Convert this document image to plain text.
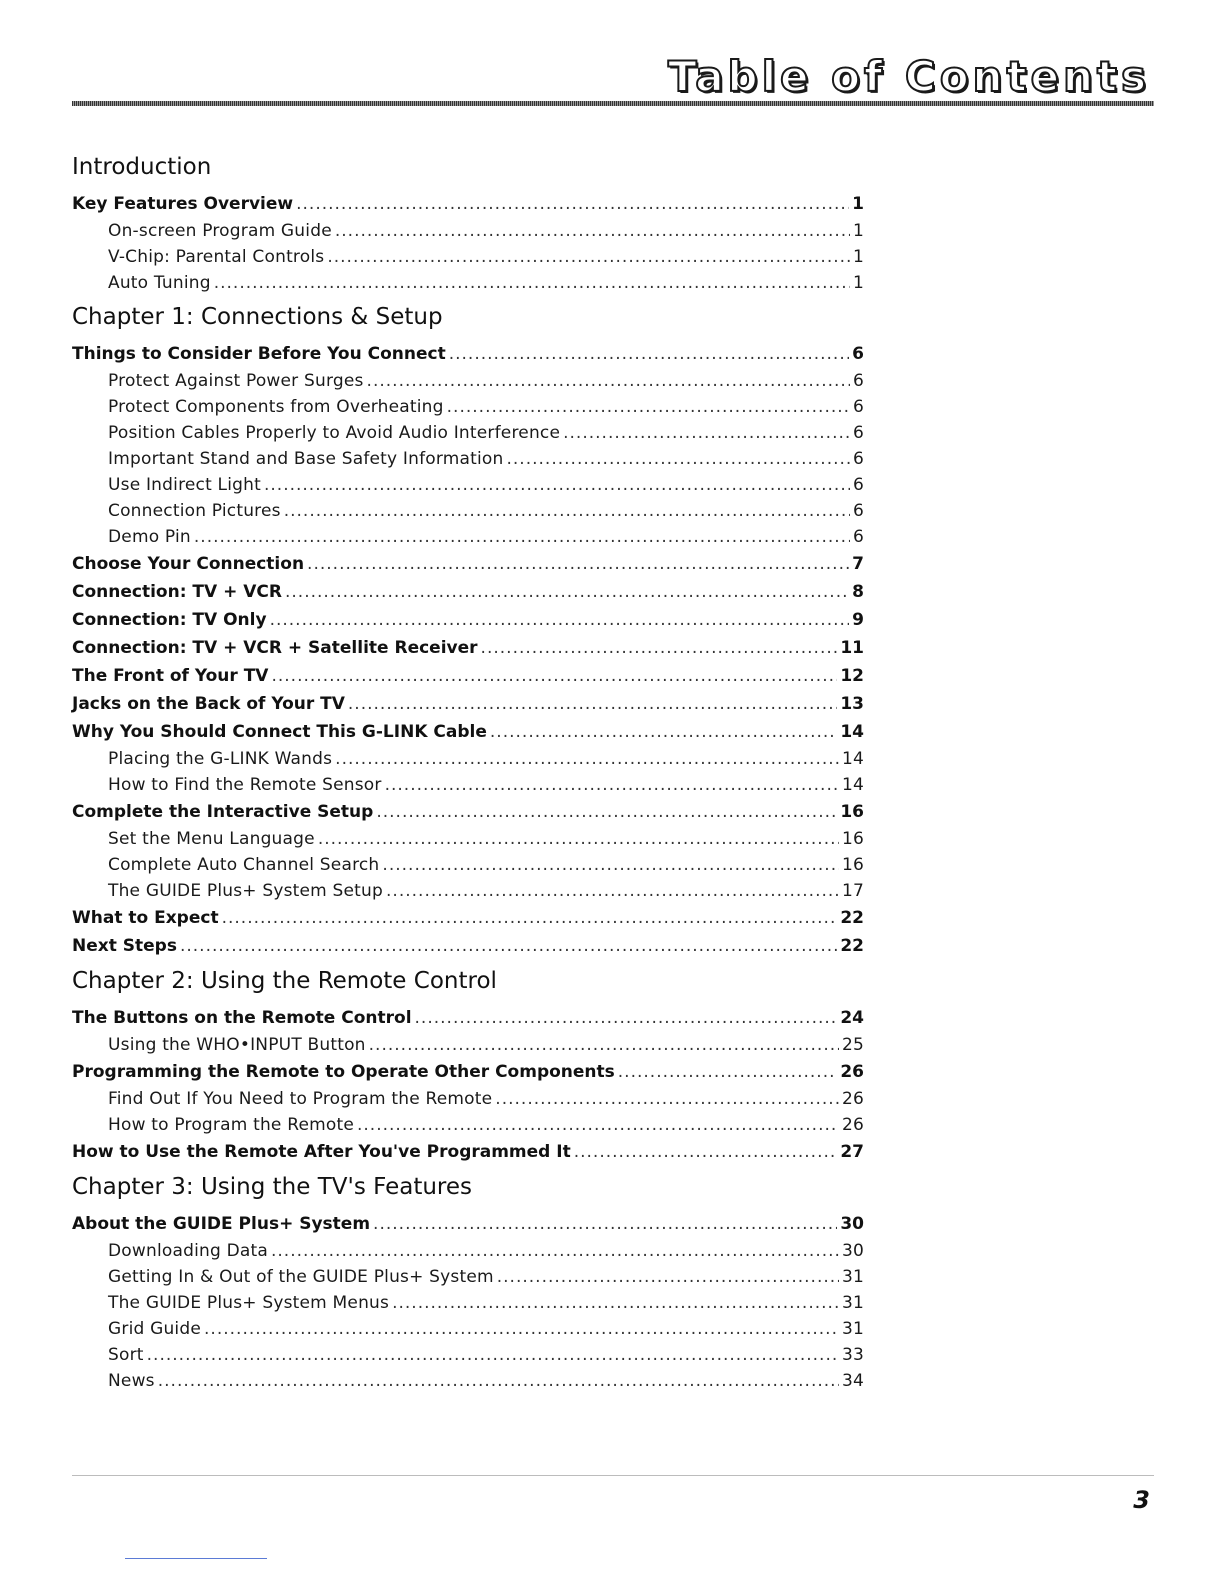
Table of Contents
Introduction
Key Features Overview .....	1
On-screen Program Guide .....	1
V-Chip: Parental Controls .....	1
Auto Tuning .....	1
Chapter 1: Connections & Setup
Things to Consider Before You Connect .....	6
Protect Against Power Surges .....	6
Protect Components from Overheating .....	6
Position Cables Properly to Avoid Audio Interference .....	6
Important Stand and Base Safety Information .....	6
Use Indirect Light .....	6
Connection Pictures .....	6
Demo Pin .....	6
Choose Your Connection .....	7
Connection: TV + VCR .....	8
Connection: TV Only .....	9
Connection: TV + VCR + Satellite Receiver .....	11
The Front of Your TV .....	12
Jacks on the Back of Your TV .....	13
Why You Should Connect This G-LINK Cable .....	14
Placing the G-LINK Wands .....	14
How to Find the Remote Sensor .....	14
Complete the Interactive Setup .....	16
Set the Menu Language .....	16
Complete Auto Channel Search .....	16
The GUIDE Plus+ System Setup .....	17
What to Expect .....	22
Next Steps .....	22
Chapter 2: Using the Remote Control
The Buttons on the Remote Control .....	24
Using the WHO•INPUT Button .....	25
Programming the Remote to Operate Other Components .....	26
Find Out If You Need to Program the Remote .....	26
How to Program the Remote .....	26
How to Use the Remote After You've Programmed It .....	27
Chapter 3: Using the TV's Features
About the GUIDE Plus+ System .....	30
Downloading Data .....	30
Getting In & Out of the GUIDE Plus+ System .....	31
The GUIDE Plus+ System Menus .....	31
Grid Guide .....	31
Sort .....	33
News .....	34
3
